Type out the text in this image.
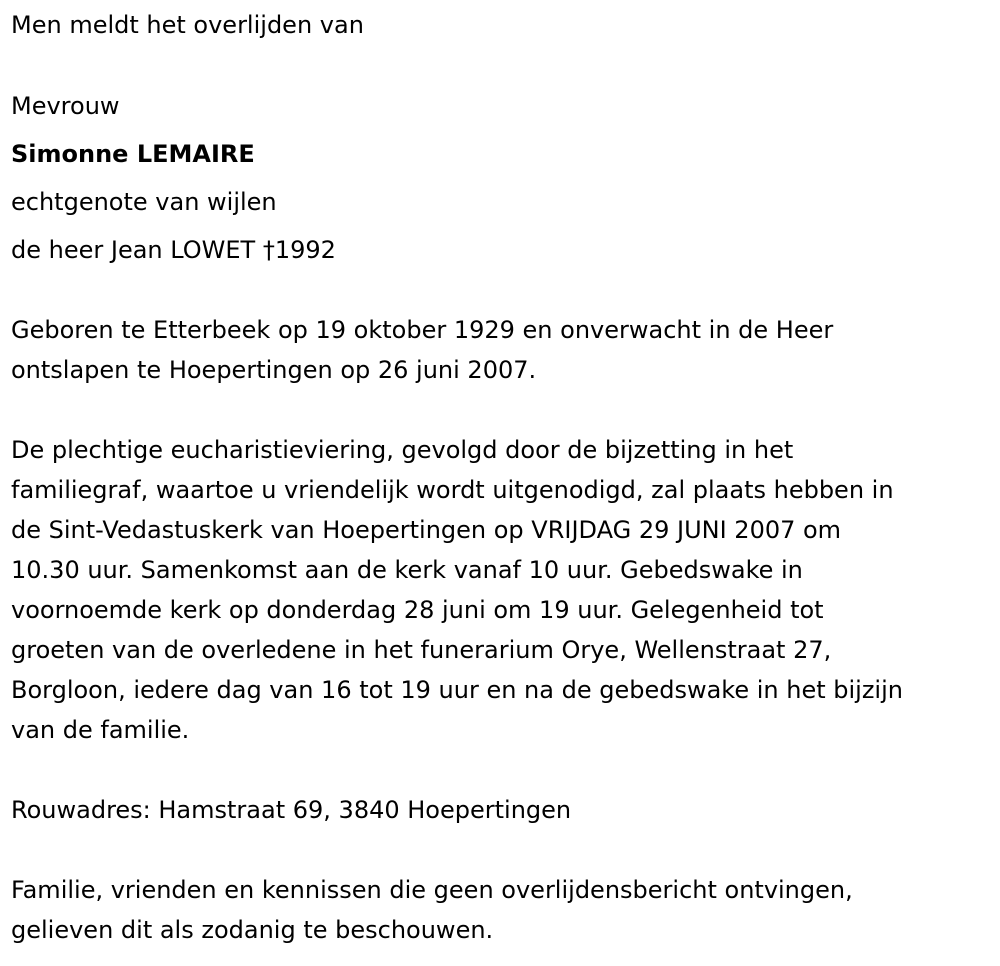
Men meldt het overlijden van

Mevrouw

Simonne LEMAIRE

echtgenote van wijlen

de heer Jean LOWET †1992

Geboren te Etterbeek op 19 oktober 1929 en onverwacht in de Heer

ontslapen te Hoepertingen op 26 juni 2007.

De plechtige eucharistieviering, gevolgd door de bijzetting in het

familiegraf, waartoe u vriendelijk wordt uitgenodigd, zal plaats hebben in

de Sint-Vedastuskerk van Hoepertingen op VRIJDAG 29 JUNI 2007 om

10.30 uur. Samenkomst aan de kerk vanaf 10 uur. Gebedswake in

voornoemde kerk op donderdag 28 juni om 19 uur. Gelegenheid tot

groeten van de overledene in het funerarium Orye, Wellenstraat 27,

Borgloon, iedere dag van 16 tot 19 uur en na de gebedswake in het bijzijn

van de familie.

Rouwadres: Hamstraat 69, 3840 Hoepertingen

Familie, vrienden en kennissen die geen overlijdensbericht ontvingen,

gelieven dit als zodanig te beschouwen.
